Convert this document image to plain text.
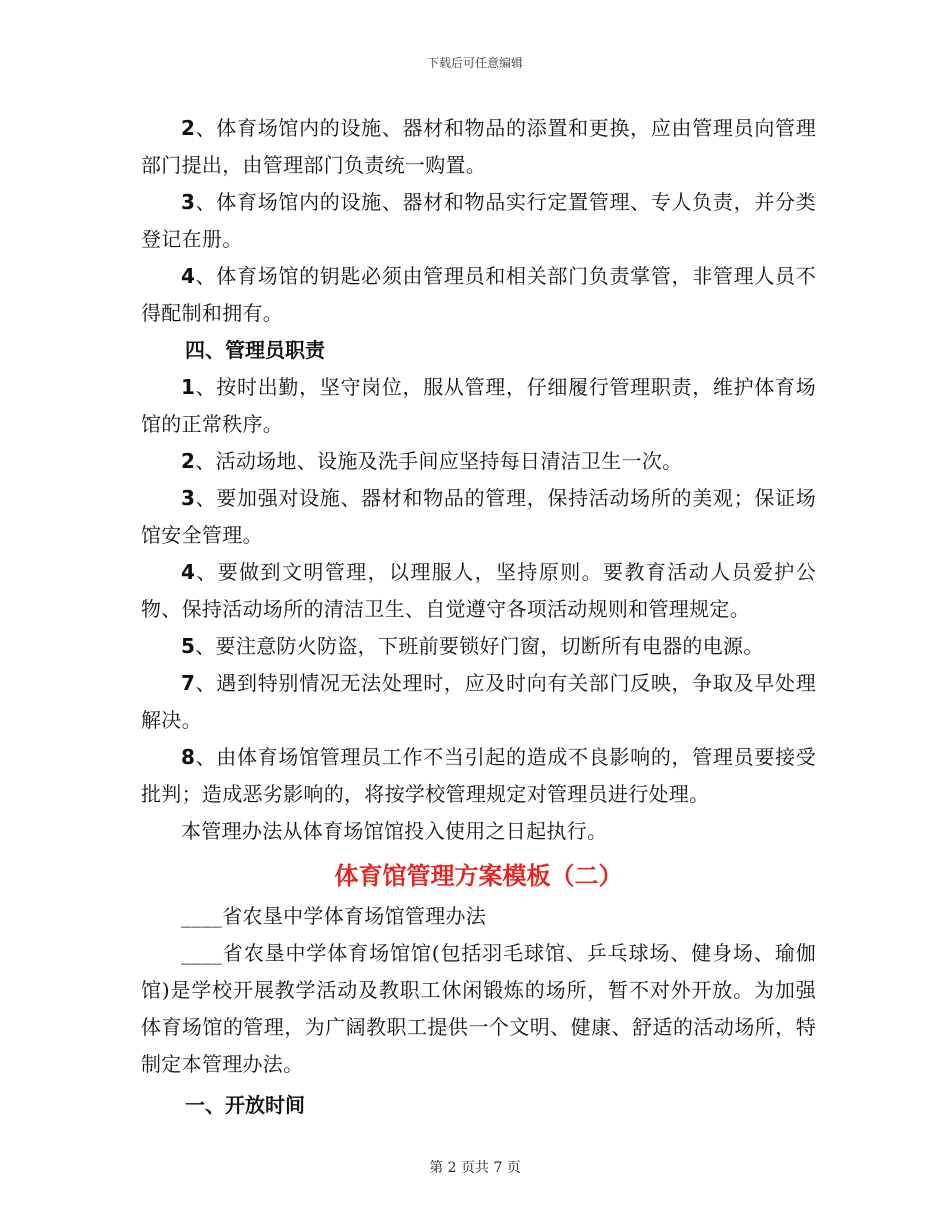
下载后可任意编辑

2、体育场馆内的设施、器材和物品的添置和更换，应由管理员向管理部门提出，由管理部门负责统一购置。

3、体育场馆内的设施、器材和物品实行定置管理、专人负责，并分类登记在册。

4、体育场馆的钥匙必须由管理员和相关部门负责掌管，非管理人员不得配制和拥有。

四、管理员职责

1、按时出勤，坚守岗位，服从管理，仔细履行管理职责，维护体育场馆的正常秩序。

2、活动场地、设施及洗手间应坚持每日清洁卫生一次。

3、要加强对设施、器材和物品的管理，保持活动场所的美观；保证场馆安全管理。

4、要做到文明管理，以理服人，坚持原则。要教育活动人员爱护公物、保持活动场所的清洁卫生、自觉遵守各项活动规则和管理规定。

5、要注意防火防盗，下班前要锁好门窗，切断所有电器的电源。

7、遇到特别情况无法处理时，应及时向有关部门反映，争取及早处理解决。

8、由体育场馆管理员工作不当引起的造成不良影响的，管理员要接受批判；造成恶劣影响的，将按学校管理规定对管理员进行处理。

本管理办法从体育场馆馆投入使用之日起执行。

体育馆管理方案模板（二）

____省农垦中学体育场馆管理办法

____省农垦中学体育场馆馆(包括羽毛球馆、乒乓球场、健身场、瑜伽馆)是学校开展教学活动及教职工休闲锻炼的场所，暂不对外开放。为加强体育场馆的管理，为广阔教职工提供一个文明、健康、舒适的活动场所，特制定本管理办法。

一、开放时间

第 2 页共 7 页
